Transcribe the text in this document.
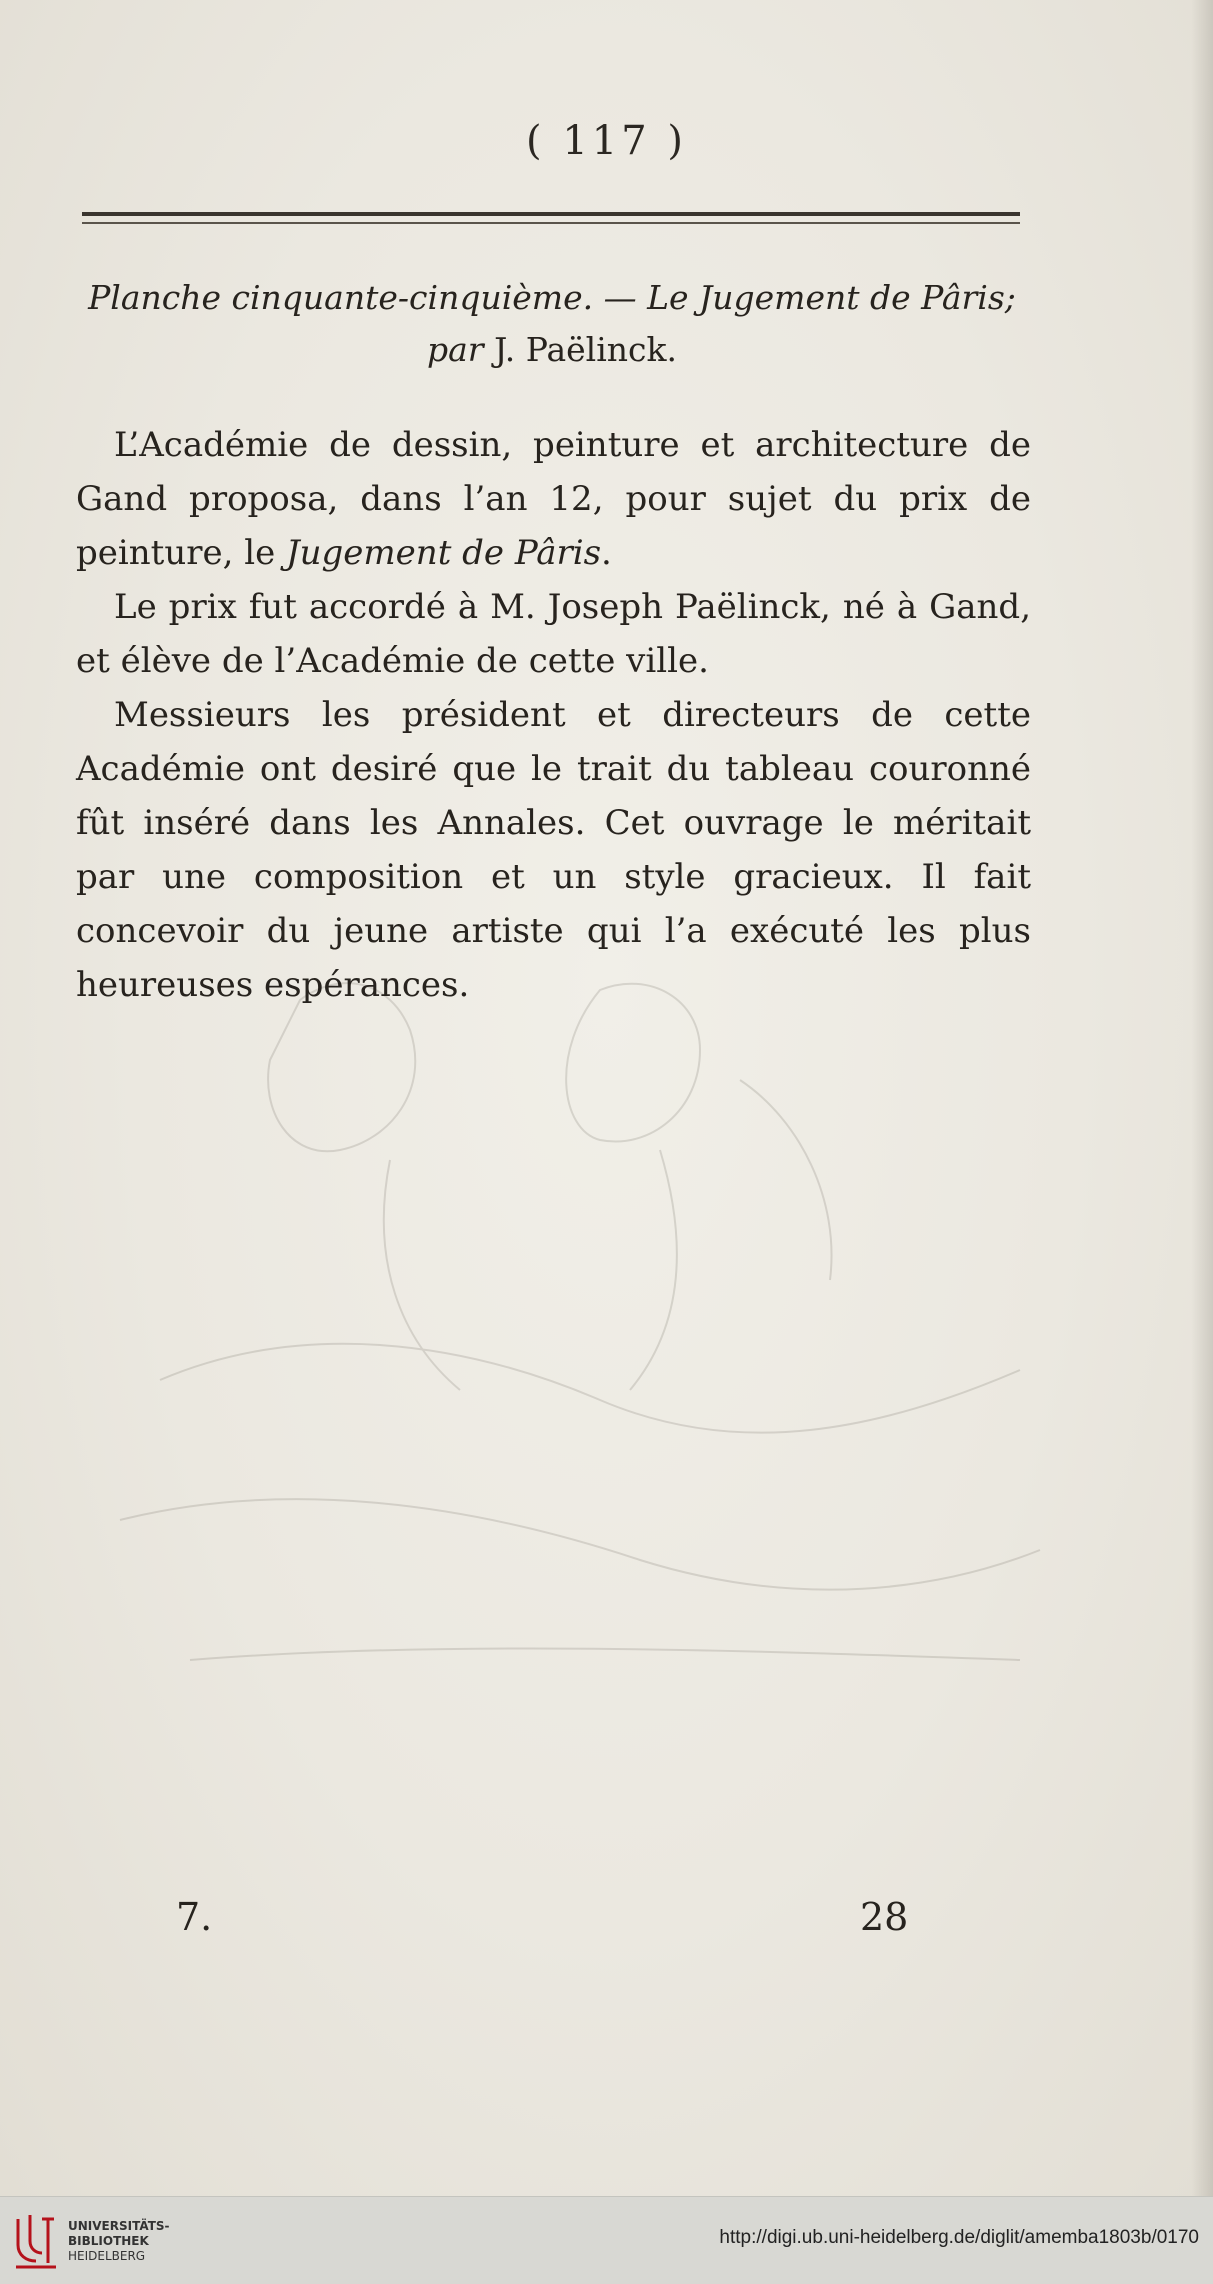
( 117 )
Planche cinquante-cinquième. — Le Jugement de Pâris;
par J. Paëlinck.

L’Académie de dessin, peinture et architecture de Gand proposa, dans l’an 12, pour sujet du prix de peinture, le Jugement de Pâris.

Le prix fut accordé à M. Joseph Paëlinck, né à Gand, et élève de l’Académie de cette ville.

Messieurs les président et directeurs de cette Académie ont desiré que le trait du tableau couronné fût inséré dans les Annales. Cet ouvrage le méritait par une composition et un style gracieux. Il fait concevoir du jeune artiste qui l’a exécuté les plus heureuses espérances.

7.	28
UNIVERSITÄTS-
BIBLIOTHEK
HEIDELBERG
http://digi.ub.uni-heidelberg.de/diglit/amemba1803b/0170
